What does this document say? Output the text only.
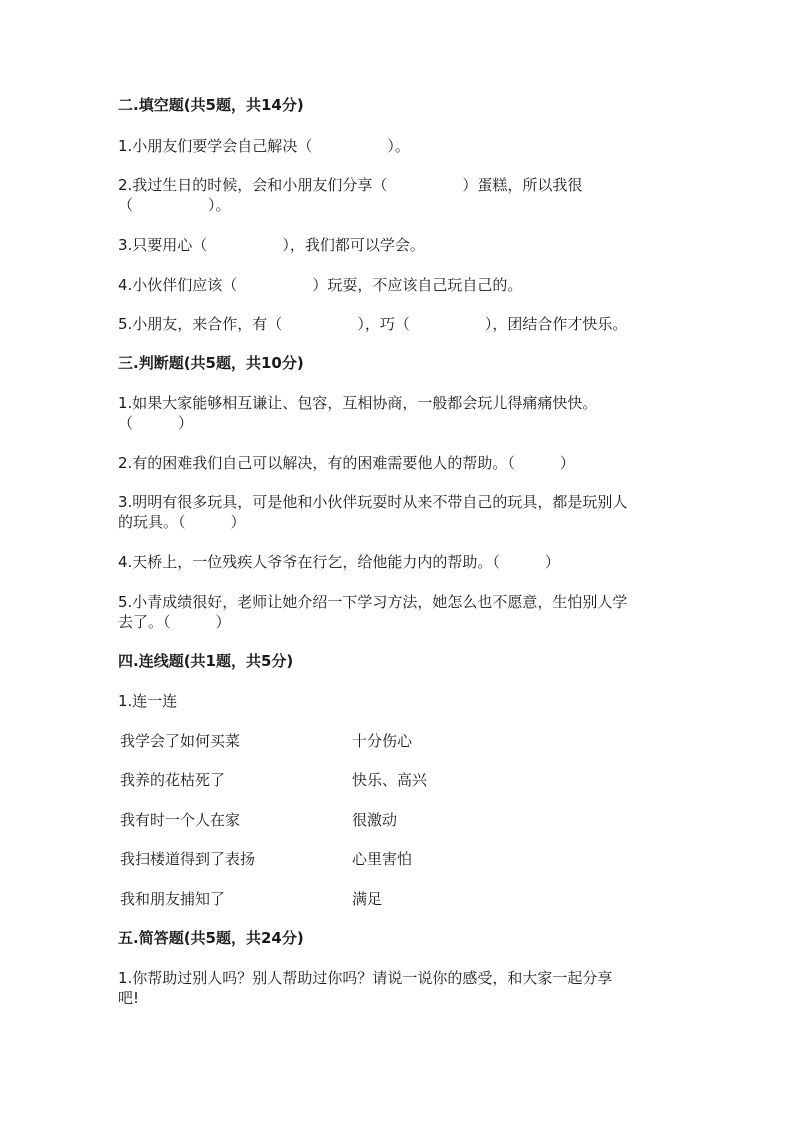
二.填空题(共5题，共14分)
1.小朋友们要学会自己解决（　　　　　）。
2.我过生日的时候，会和小朋友们分享（　　　　　）蛋糕，所以我很
（　　　　　）。
3.只要用心（　　　　　），我们都可以学会。
4.小伙伴们应该（　　　　　）玩耍，不应该自己玩自己的。
5.小朋友，来合作，有（　　　　　），巧（　　　　　），团结合作才快乐。
三.判断题(共5题，共10分)
1.如果大家能够相互谦让、包容，互相协商，一般都会玩儿得痛痛快快。
（　　　）
2.有的困难我们自己可以解决，有的困难需要他人的帮助。（　　　）
3.明明有很多玩具，可是他和小伙伴玩耍时从来不带自己的玩具，都是玩别人
的玩具。（　　　）
4.天桥上，一位残疾人爷爷在行乞，给他能力内的帮助。（　　　）
5.小青成绩很好，老师让她介绍一下学习方法，她怎么也不愿意，生怕别人学
去了。（　　　）
四.连线题(共1题，共5分)
1.连一连
我学会了如何买菜	十分伤心
我养的花枯死了	快乐、高兴
我有时一个人在家	很激动
我扫楼道得到了表扬	心里害怕
我和朋友捕知了	满足
五.简答题(共5题，共24分)
1.你帮助过别人吗？别人帮助过你吗？请说一说你的感受，和大家一起分享
吧!
